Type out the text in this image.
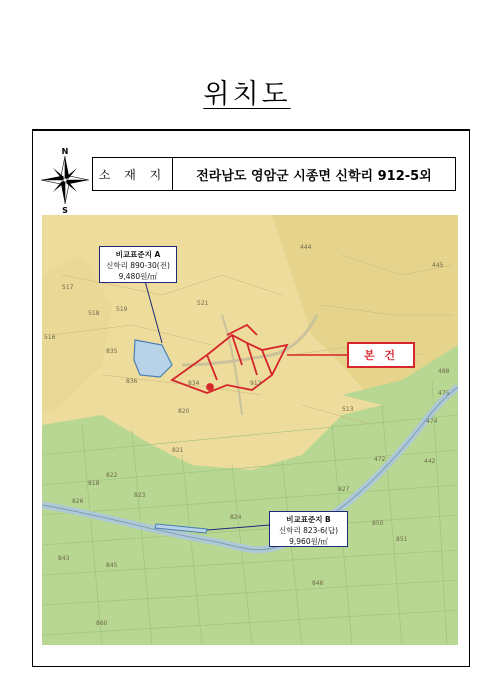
위치도
N
S
소 재 지	전라남도 영암군 시종면 신학리 912-5외
444
445
517
518
519
516
521
834
835
836
820
821
822
823
824
818
826
827
843
845
846
513
472
474
475
442
488
912
850
851
860
비교표준지 A
신학리 890-30(전)
9,480원/㎡
비교표준지 B
신학리 823-6(답)
9,960원/㎡
본 건
